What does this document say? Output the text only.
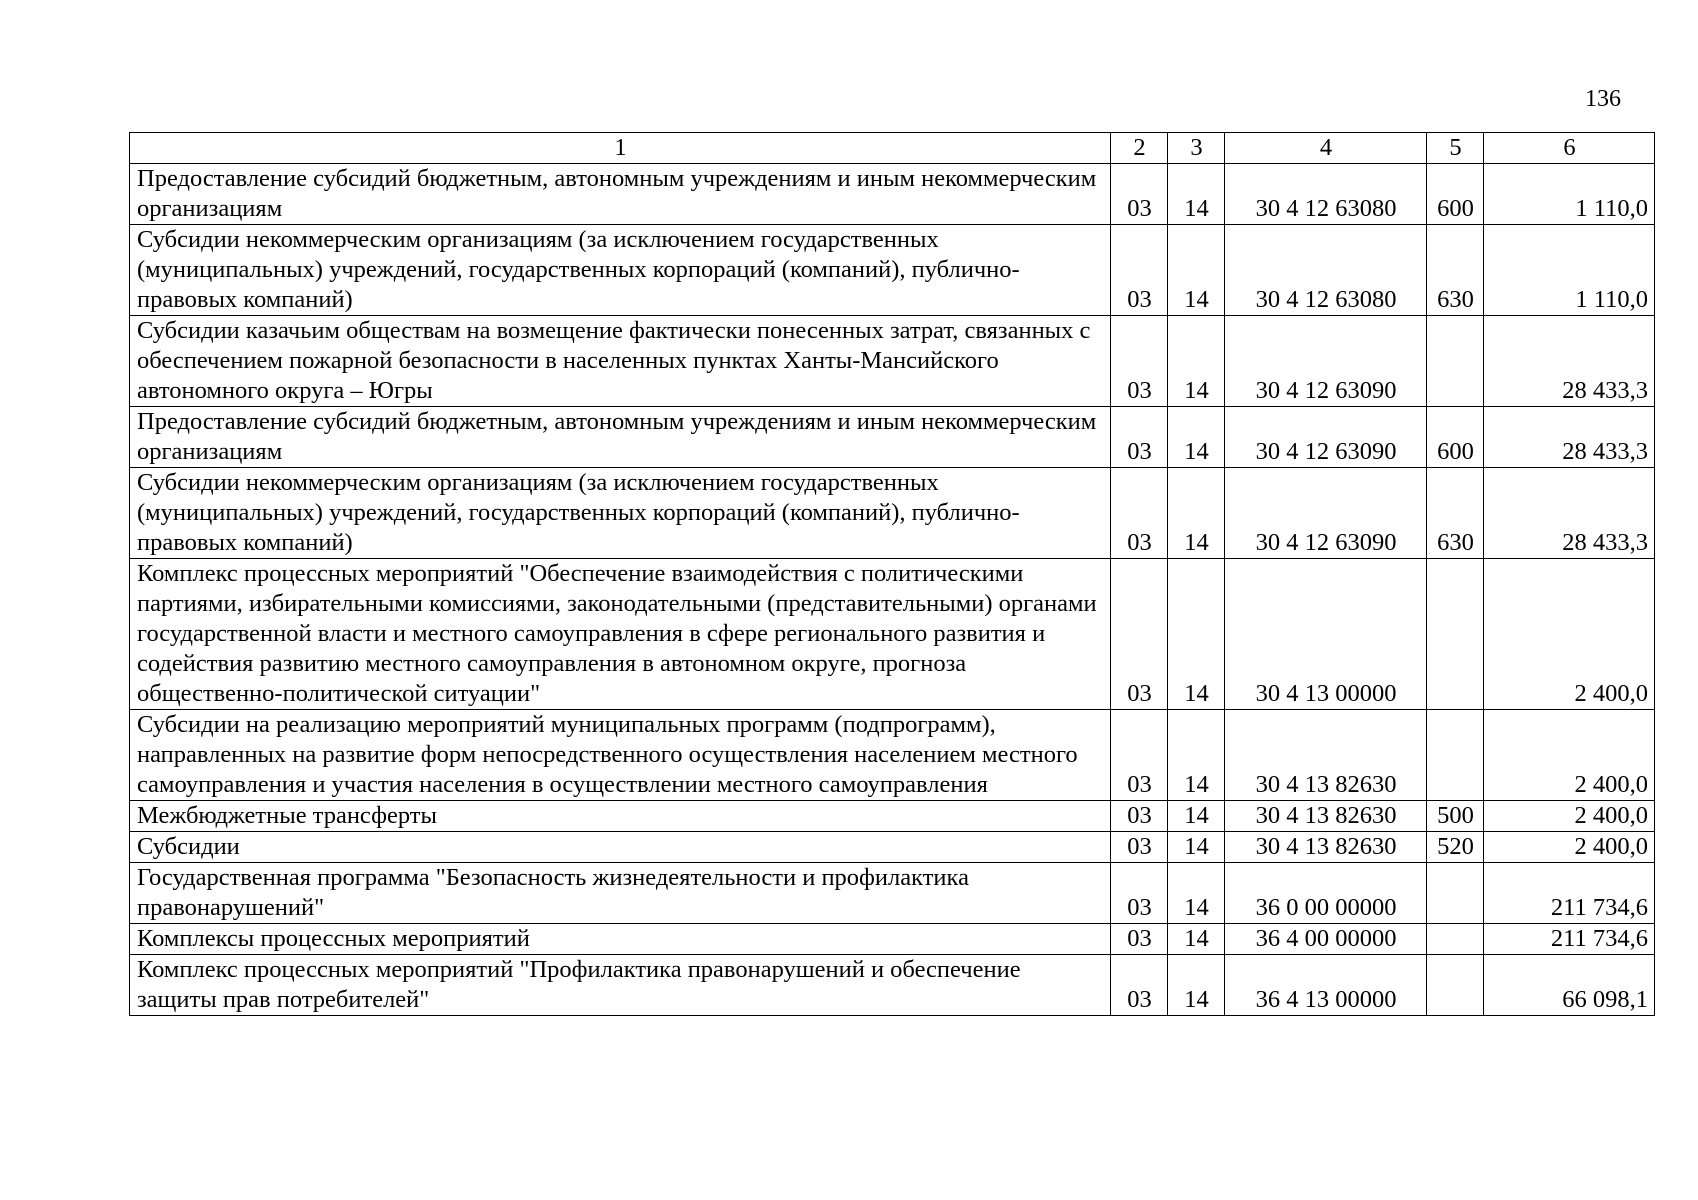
136
1	2	3	4	5	6
Предоставление субсидий бюджетным, автономным учреждениям и иным некоммерческим организациям	03	14	30 4 12 63080	600	1 110,0
Субсидии некоммерческим организациям (за исключением государственных (муниципальных) учреждений, государственных корпораций (компаний), публично-правовых компаний)	03	14	30 4 12 63080	630	1 110,0
Субсидии казачьим обществам на возмещение фактически понесенных затрат, связанных с обеспечением пожарной безопасности в населенных пунктах Ханты-Мансийского автономного округа – Югры	03	14	30 4 12 63090		28 433,3
Предоставление субсидий бюджетным, автономным учреждениям и иным некоммерческим организациям	03	14	30 4 12 63090	600	28 433,3
Субсидии некоммерческим организациям (за исключением государственных (муниципальных) учреждений, государственных корпораций (компаний), публично-правовых компаний)	03	14	30 4 12 63090	630	28 433,3
Комплекс процессных мероприятий "Обеспечение взаимодействия с политическими партиями, избирательными комиссиями, законодательными (представительными) органами государственной власти и местного самоуправления в сфере регионального развития и содействия развитию местного самоуправления в автономном округе, прогноза общественно-политической ситуации"	03	14	30 4 13 00000		2 400,0
Субсидии на реализацию мероприятий муниципальных программ (подпрограмм), направленных на развитие форм непосредственного осуществления населением местного самоуправления и участия населения в осуществлении местного самоуправления	03	14	30 4 13 82630		2 400,0
Межбюджетные трансферты	03	14	30 4 13 82630	500	2 400,0
Субсидии	03	14	30 4 13 82630	520	2 400,0
Государственная программа "Безопасность жизнедеятельности и профилактика правонарушений"	03	14	36 0 00 00000		211 734,6
Комплексы процессных мероприятий	03	14	36 4 00 00000		211 734,6
Комплекс процессных мероприятий "Профилактика правонарушений и обеспечение защиты прав потребителей"	03	14	36 4 13 00000		66 098,1
